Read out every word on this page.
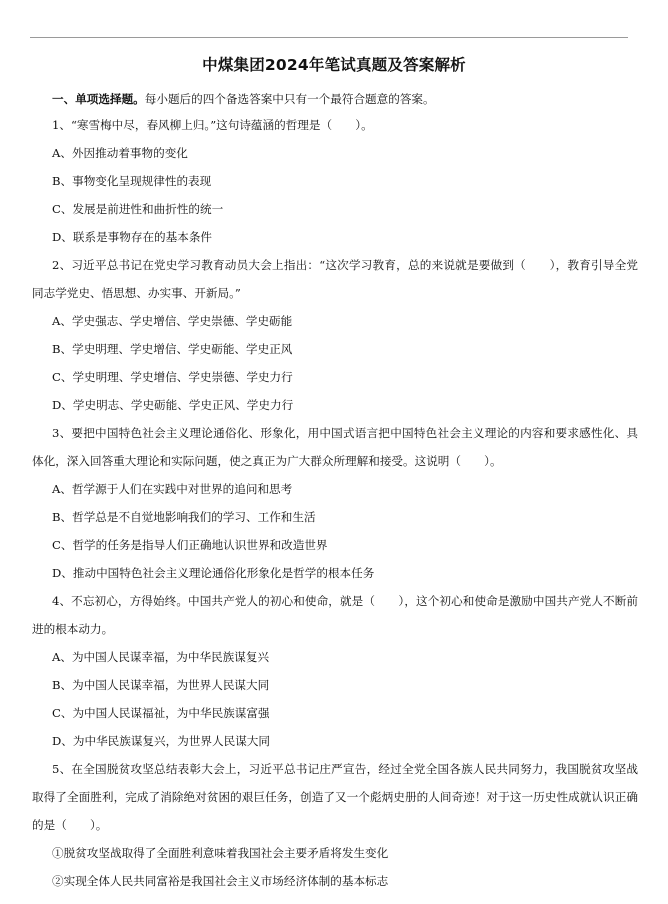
中煤集团2024年笔试真题及答案解析
一、单项选择题。每小题后的四个备选答案中只有一个最符合题意的答案。

1、“寒雪梅中尽，春风柳上归。”这句诗蕴涵的哲理是（　　）。

A、外因推动着事物的变化

B、事物变化呈现规律性的表现

C、发展是前进性和曲折性的统一

D、联系是事物存在的基本条件

2、习近平总书记在党史学习教育动员大会上指出：“这次学习教育，总的来说就是要做到（　　），教育引导全党同志学党史、悟思想、办实事、开新局。”

A、学史强志、学史增信、学史崇德、学史砺能

B、学史明理、学史增信、学史砺能、学史正风

C、学史明理、学史增信、学史崇德、学史力行

D、学史明志、学史砺能、学史正风、学史力行

3、要把中国特色社会主义理论通俗化、形象化，用中国式语言把中国特色社会主义理论的内容和要求感性化、具体化，深入回答重大理论和实际问题，使之真正为广大群众所理解和接受。这说明（　　）。

A、哲学源于人们在实践中对世界的追问和思考

B、哲学总是不自觉地影响我们的学习、工作和生活

C、哲学的任务是指导人们正确地认识世界和改造世界

D、推动中国特色社会主义理论通俗化形象化是哲学的根本任务

4、不忘初心，方得始终。中国共产党人的初心和使命，就是（　　），这个初心和使命是激励中国共产党人不断前进的根本动力。

A、为中国人民谋幸福，为中华民族谋复兴

B、为中国人民谋幸福，为世界人民谋大同

C、为中国人民谋福祉，为中华民族谋富强

D、为中华民族谋复兴，为世界人民谋大同

5、在全国脱贫攻坚总结表彰大会上，习近平总书记庄严宣告，经过全党全国各族人民共同努力，我国脱贫攻坚战取得了全面胜利，完成了消除绝对贫困的艰巨任务，创造了又一个彪炳史册的人间奇迹！对于这一历史性成就认识正确的是（　　）。

①脱贫攻坚战取得了全面胜利意味着我国社会主要矛盾将发生变化

②实现全体人民共同富裕是我国社会主义市场经济体制的基本标志
